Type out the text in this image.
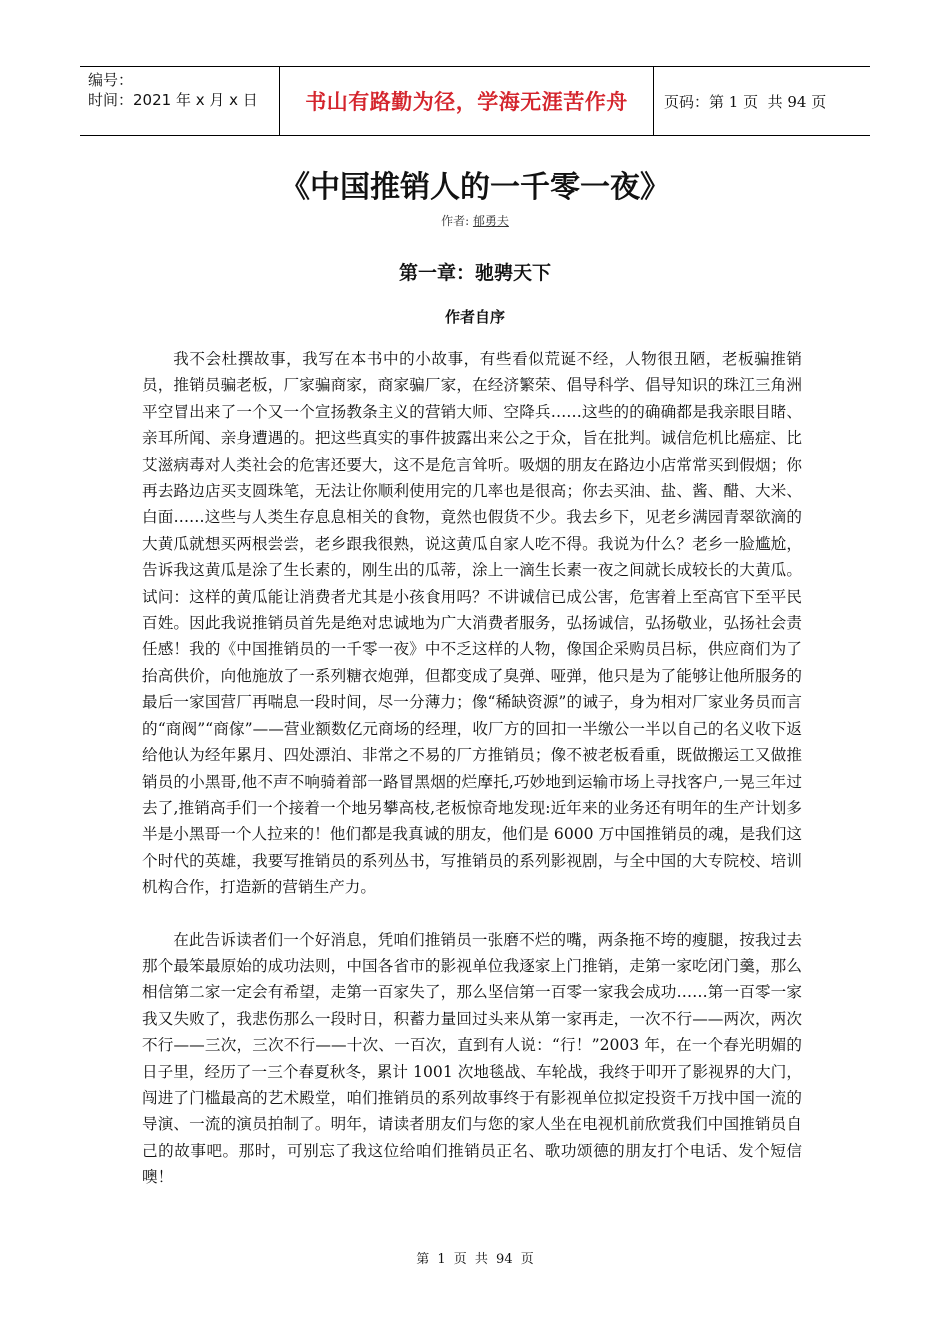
编号：
时间：2021 年 x 月 x 日	书山有路勤为径，学海无涯苦作舟 页码：第 1 页  共 94 页
《中国推销人的一千零一夜》
作者: 郁勇夫
第一章：驰骋天下
作者自序

我不会杜撰故事，我写在本书中的小故事，有些看似荒诞不经，人物很丑陋，老板骗推销员，推销员骗老板，厂家骗商家，商家骗厂家，在经济繁荣、倡导科学、倡导知识的珠江三角洲平空冒出来了一个又一个宣扬教条主义的营销大师、空降兵……这些的的确确都是我亲眼目睹、亲耳所闻、亲身遭遇的。把这些真实的事件披露出来公之于众，旨在批判。诚信危机比癌症、比艾滋病毒对人类社会的危害还要大，这不是危言耸听。吸烟的朋友在路边小店常常买到假烟；你再去路边店买支圆珠笔，无法让你顺利使用完的几率也是很高；你去买油、盐、酱、醋、大米、白面……这些与人类生存息息相关的食物，竟然也假货不少。我去乡下，见老乡满园青翠欲滴的大黄瓜就想买两根尝尝，老乡跟我很熟，说这黄瓜自家人吃不得。我说为什么？老乡一脸尴尬，告诉我这黄瓜是涂了生长素的，刚生出的瓜蒂，涂上一滴生长素一夜之间就长成较长的大黄瓜。试问：这样的黄瓜能让消费者尤其是小孩食用吗？不讲诚信已成公害，危害着上至高官下至平民百姓。因此我说推销员首先是绝对忠诚地为广大消费者服务，弘扬诚信，弘扬敬业，弘扬社会责任感！我的《中国推销员的一千零一夜》中不乏这样的人物，像国企采购员吕标，供应商们为了抬高供价，向他施放了一系列糖衣炮弹，但都变成了臭弹、哑弹，他只是为了能够让他所服务的最后一家国营厂再喘息一段时间，尽一分薄力；像“稀缺资源”的诫子，身为相对厂家业务员而言的“商阀”“商傢”——营业额数亿元商场的经理，收厂方的回扣一半缴公一半以自己的名义收下返给他认为经年累月、四处漂泊、非常之不易的厂方推销员；像不被老板看重，既做搬运工又做推销员的小黑哥,他不声不响骑着部一路冒黑烟的烂摩托,巧妙地到运输市场上寻找客户,一晃三年过去了,推销高手们一个接着一个地另攀高枝,老板惊奇地发现:近年来的业务还有明年的生产计划多半是小黑哥一个人拉来的！他们都是我真诚的朋友，他们是 6000 万中国推销员的魂，是我们这个时代的英雄，我要写推销员的系列丛书，写推销员的系列影视剧，与全中国的大专院校、培训机构合作，打造新的营销生产力。

在此告诉读者们一个好消息，凭咱们推销员一张磨不烂的嘴，两条拖不垮的瘦腿，按我过去那个最笨最原始的成功法则，中国各省市的影视单位我逐家上门推销，走第一家吃闭门羹，那么相信第二家一定会有希望，走第一百家失了，那么坚信第一百零一家我会成功……第一百零一家我又失败了，我悲伤那么一段时日，积蓄力量回过头来从第一家再走，一次不行——两次，两次不行——三次，三次不行——十次、一百次，直到有人说：“行！”2003 年，在一个春光明媚的日子里，经历了一三个春夏秋冬，累计 1001 次地毯战、车轮战，我终于叩开了影视界的大门，闯进了门槛最高的艺术殿堂，咱们推销员的系列故事终于有影视单位拟定投资千万找中国一流的导演、一流的演员拍制了。明年，请读者朋友们与您的家人坐在电视机前欣赏我们中国推销员自己的故事吧。那时，可别忘了我这位给咱们推销员正名、歌功颂德的朋友打个电话、发个短信噢！

第 1 页 共 94 页
